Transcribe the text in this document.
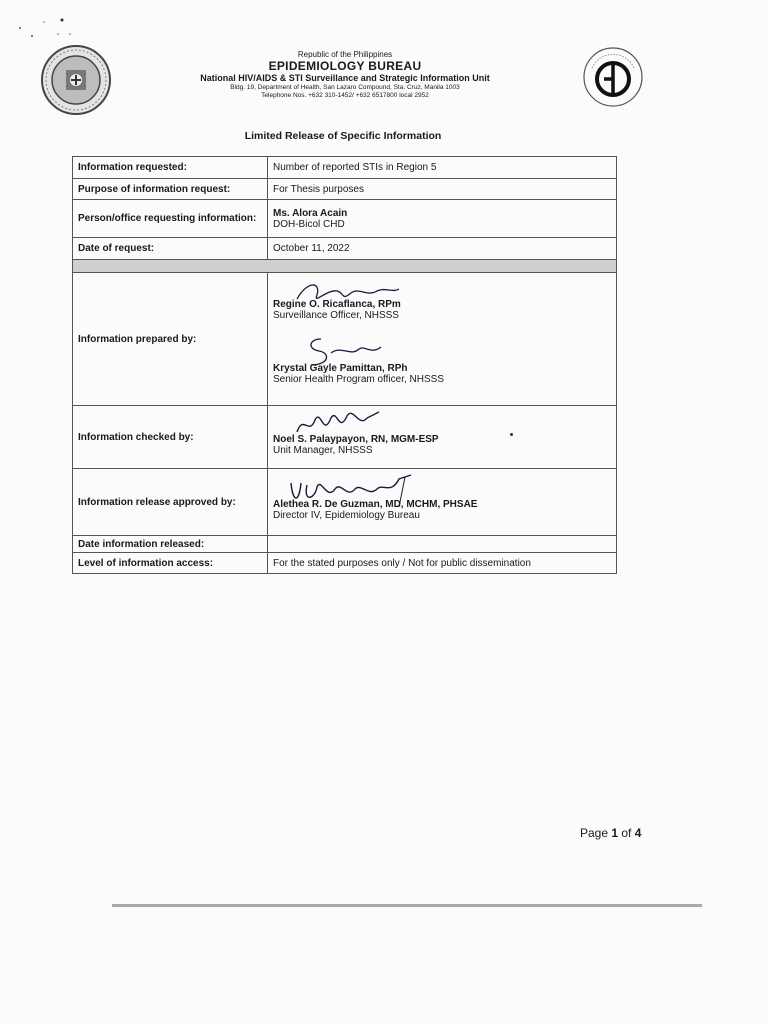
Republic of the Philippines
EPIDEMIOLOGY BUREAU
National HIV/AIDS & STI Surveillance and Strategic Information Unit
Bldg. 19, Department of Health, San Lazaro Compound, Sta. Cruz, Manila 1003
Telephone Nos. +632 310-1452/ +632 6517800 local 2952
Limited Release of Specific Information
Information requested:	Number of reported STIs in Region 5
Purpose of information request:	For Thesis purposes
Person/office requesting information:	Ms. Alora Acain
DOH-Bicol CHD

Date of request:	October 11, 2022

Information prepared by:	Regine O. Ricaflanca, RPm
Surveillance Officer, NHSSS
Krystal Gayle Pamittan, RPh
Senior Health Program officer, NHSSS

Information checked by:	Noel S. Palaypayon, RN, MGM-ESP
Unit Manager, NHSSS

Information release approved by:	Alethea R. De Guzman, MD, MCHM, PHSAE
Director IV, Epidemiology Bureau

Date information released:	
Level of information access:	For the stated purposes only / Not for public dissemination
Page 1 of 4
